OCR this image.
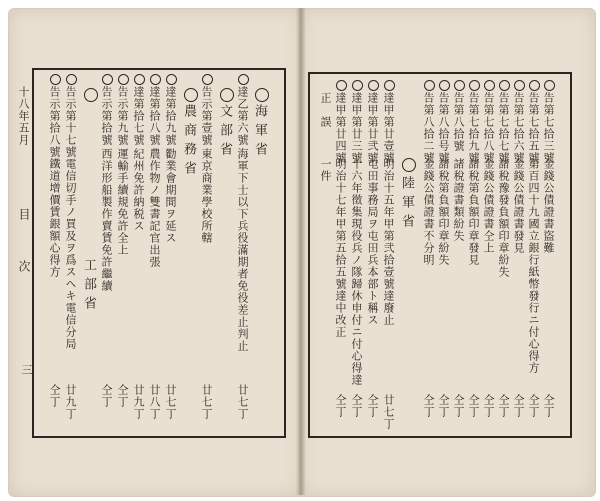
十八年五月
目　次
三
海軍省
達乙第六號
海軍下士以下兵役滿期者免役差止判止
廿七丁
文部省
告示第壹號
東京商業學校所轄
廿七丁
農商務省
達第拾九號
勸業會期間ヲ延ス
廿七丁
達第拾八號
農作物ノ雙書記官出張
廿八丁
達第拾七號
紀州免許納税ス
廿九丁
告示第九號
運輸手續規免許全上
仝丁
告示第拾號
西洋形船製作賣賃免許繼續
仝丁
工部省
告示第十七號
電信切手ノ買及ヲ爲スヘキ電信分局
廿九丁
告示第拾八號
鐵道增價賃銀額心得方
仝丁
告第七拾三號
金錢公債證書盜難
仝丁
告第七拾五號
第百四十九國立銀行紙幣發行ニ付心得方
仝丁
告第七拾六號
金錢公債證書發見
仝丁
告第七拾七號
諸稅豫發負額印章紛失
仝丁
告第七拾八號
金錢公債證書仝上
仝丁
告第七拾九號
諸稅第負額印章發見
仝丁
告第八拾號
諸稅證書類紛失
仝丁
告第八拾号號
諸稅第負額印章紛失
仝丁
告第八拾二號
金錢公債證書不分明
仝丁
陸軍省
達甲第廿壹號
明治十五年甲第弐拾壹號達廢止
廿七丁
達甲第廿弐號
屯田事務局ヲ屯田兵本部ト稱ス
仝丁
達甲第廿三號
十六年徵集現役兵ノ隊歸休申付ニ付心得達
仝丁
達甲第廿四號
明治十七年甲第五拾五號達中改正
仝丁
正　誤
一件
